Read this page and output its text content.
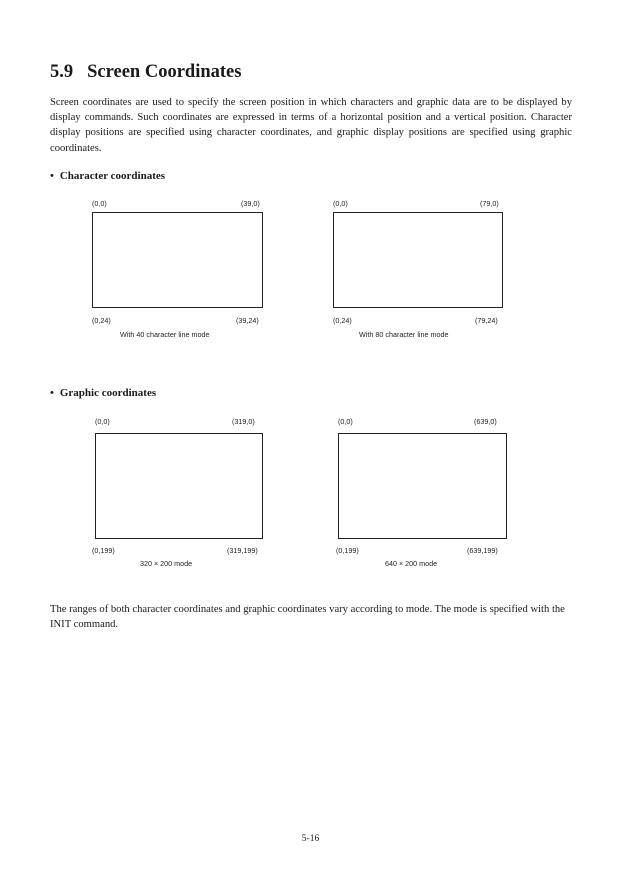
5.9 Screen Coordinates

Screen coordinates are used to specify the screen position in which characters and graphic data are to be displayed by display commands. Such coordinates are expressed in terms of a horizontal position and a vertical position. Character display positions are specified using character coordinates, and graphic display positions are specified using graphic coordinates.

• Character coordinates

(0,0)	(39,0)
(0,24)	(39,24)
With 40 character line mode
(0,0)	(79,0)
(0,24)	(79,24)
With 80 character line mode

• Graphic coordinates

(0,0)	(319,0)
(0,199)	(319,199)
320 × 200 mode
(0,0)	(639,0)
(0,199)	(639,199)
640 × 200 mode

The ranges of both character coordinates and graphic coordinates vary according to mode. The mode is specified with the INIT command.

5-16
